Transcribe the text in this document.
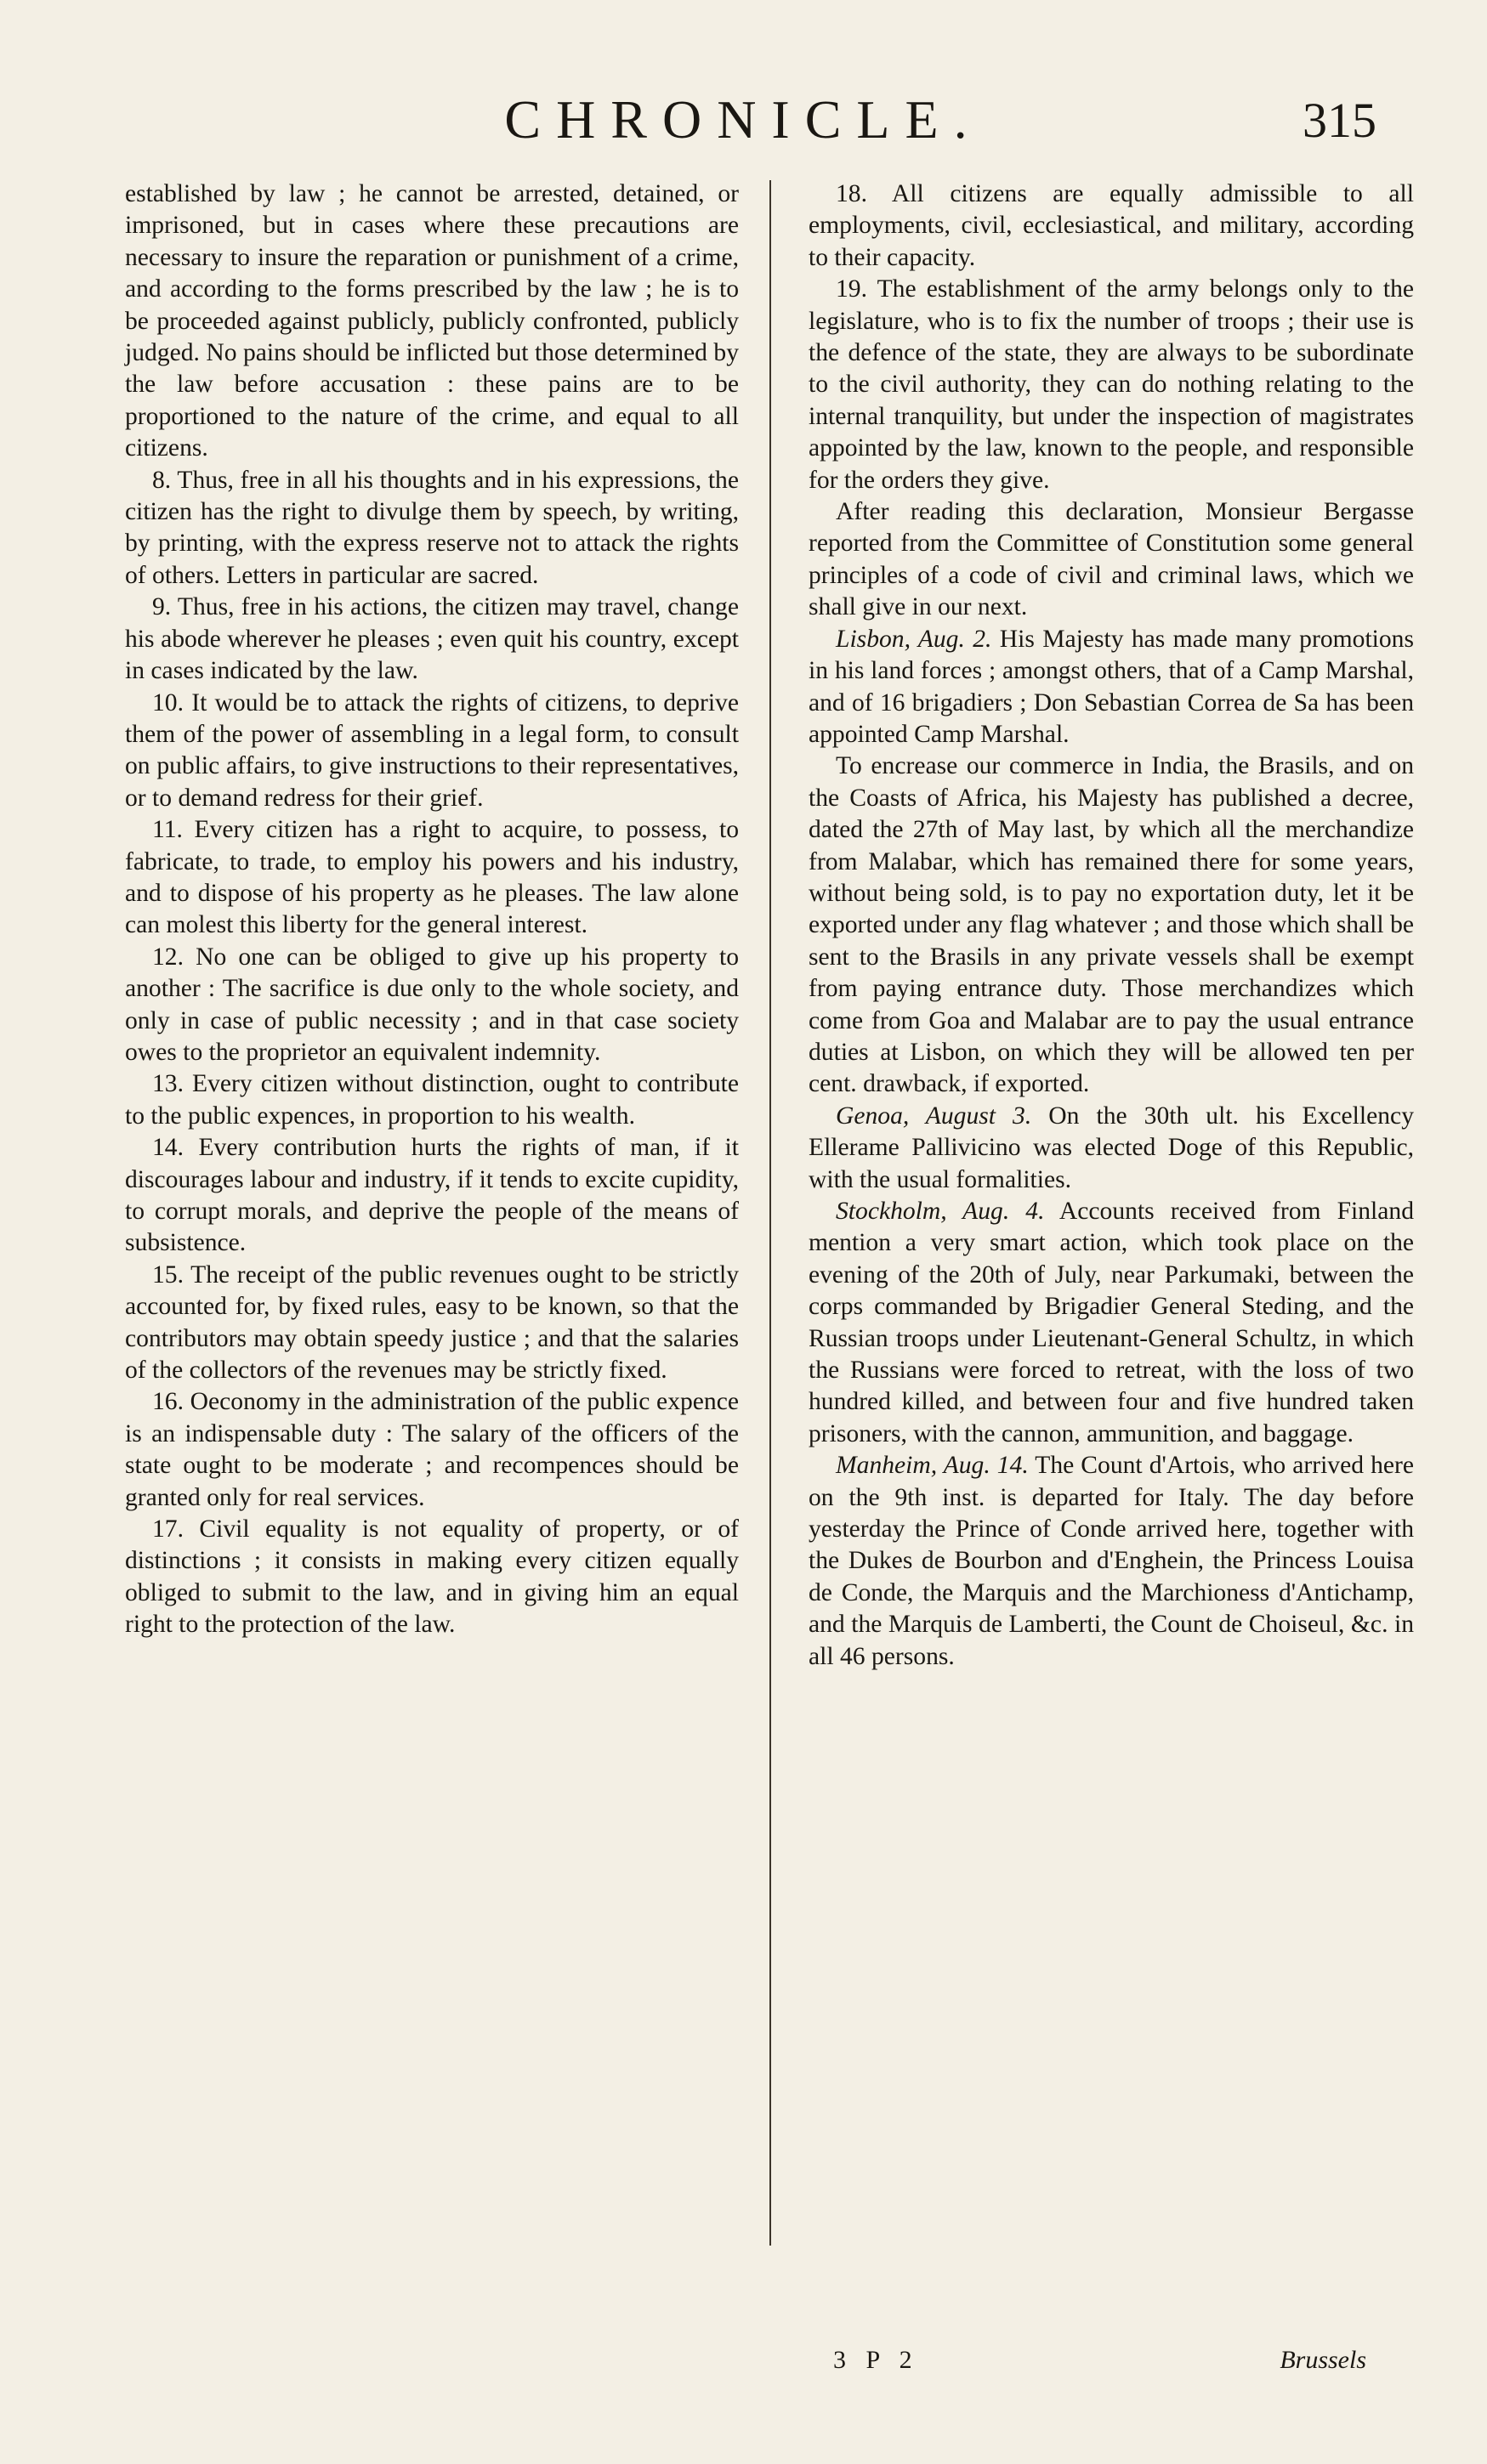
CHRONICLE.	315

established by law ; he cannot be arrested, detained, or imprisoned, but in cases where these precautions are necessary to insure the reparation or punishment of a crime, and according to the forms prescribed by the law ; he is to be proceeded against publicly, publicly confronted, publicly judged. No pains should be inflicted but those determined by the law before accusation : these pains are to be proportioned to the nature of the crime, and equal to all citizens.

8. Thus, free in all his thoughts and in his expressions, the citizen has the right to divulge them by speech, by writing, by printing, with the express reserve not to attack the rights of others. Letters in particular are sacred.

9. Thus, free in his actions, the citizen may travel, change his abode wherever he pleases ; even quit his country, except in cases indicated by the law.

10. It would be to attack the rights of citizens, to deprive them of the power of assembling in a legal form, to consult on public affairs, to give instructions to their representatives, or to demand redress for their grief.

11. Every citizen has a right to acquire, to possess, to fabricate, to trade, to employ his powers and his industry, and to dispose of his property as he pleases. The law alone can molest this liberty for the general interest.

12. No one can be obliged to give up his property to another : The sacrifice is due only to the whole society, and only in case of public necessity ; and in that case society owes to the proprietor an equivalent indemnity.

13. Every citizen without distinction, ought to contribute to the public expences, in proportion to his wealth.

14. Every contribution hurts the rights of man, if it discourages labour and industry, if it tends to excite cupidity, to corrupt morals, and deprive the people of the means of subsistence.

15. The receipt of the public revenues ought to be strictly accounted for, by fixed rules, easy to be known, so that the contributors may obtain speedy justice ; and that the salaries of the collectors of the revenues may be strictly fixed.

16. Oeconomy in the administration of the public expence is an indispensable duty : The salary of the officers of the state ought to be moderate ; and recompences should be granted only for real services.

17. Civil equality is not equality of property, or of distinctions ; it consists in making every citizen equally obliged to submit to the law, and in giving him an equal right to the protection of the law.

18. All citizens are equally admissible to all employments, civil, ecclesiastical, and military, according to their capacity.

19. The establishment of the army belongs only to the legislature, who is to fix the number of troops ; their use is the defence of the state, they are always to be subordinate to the civil authority, they can do nothing relating to the internal tranquility, but under the inspection of magistrates appointed by the law, known to the people, and responsible for the orders they give.

After reading this declaration, Monsieur Bergasse reported from the Committee of Constitution some general principles of a code of civil and criminal laws, which we shall give in our next.

Lisbon, Aug. 2. His Majesty has made many promotions in his land forces ; amongst others, that of a Camp Marshal, and of 16 brigadiers ; Don Sebastian Correa de Sa has been appointed Camp Marshal.

To encrease our commerce in India, the Brasils, and on the Coasts of Africa, his Majesty has published a decree, dated the 27th of May last, by which all the merchandize from Malabar, which has remained there for some years, without being sold, is to pay no exportation duty, let it be exported under any flag whatever ; and those which shall be sent to the Brasils in any private vessels shall be exempt from paying entrance duty. Those merchandizes which come from Goa and Malabar are to pay the usual entrance duties at Lisbon, on which they will be allowed ten per cent. drawback, if exported.

Genoa, August 3. On the 30th ult. his Excellency Ellerame Pallivicino was elected Doge of this Republic, with the usual formalities.

Stockholm, Aug. 4. Accounts received from Finland mention a very smart action, which took place on the evening of the 20th of July, near Parkumaki, between the corps commanded by Brigadier General Steding, and the Russian troops under Lieutenant-General Schultz, in which the Russians were forced to retreat, with the loss of two hundred killed, and between four and five hundred taken prisoners, with the cannon, ammunition, and baggage.

Manheim, Aug. 14. The Count d'Artois, who arrived here on the 9th inst. is departed for Italy. The day before yesterday the Prince of Conde arrived here, together with the Dukes de Bourbon and d'Enghein, the Princess Louisa de Conde, the Marquis and the Marchioness d'Antichamp, and the Marquis de Lamberti, the Count de Choiseul, &c. in all 46 persons.

3 P 2	Brussels
